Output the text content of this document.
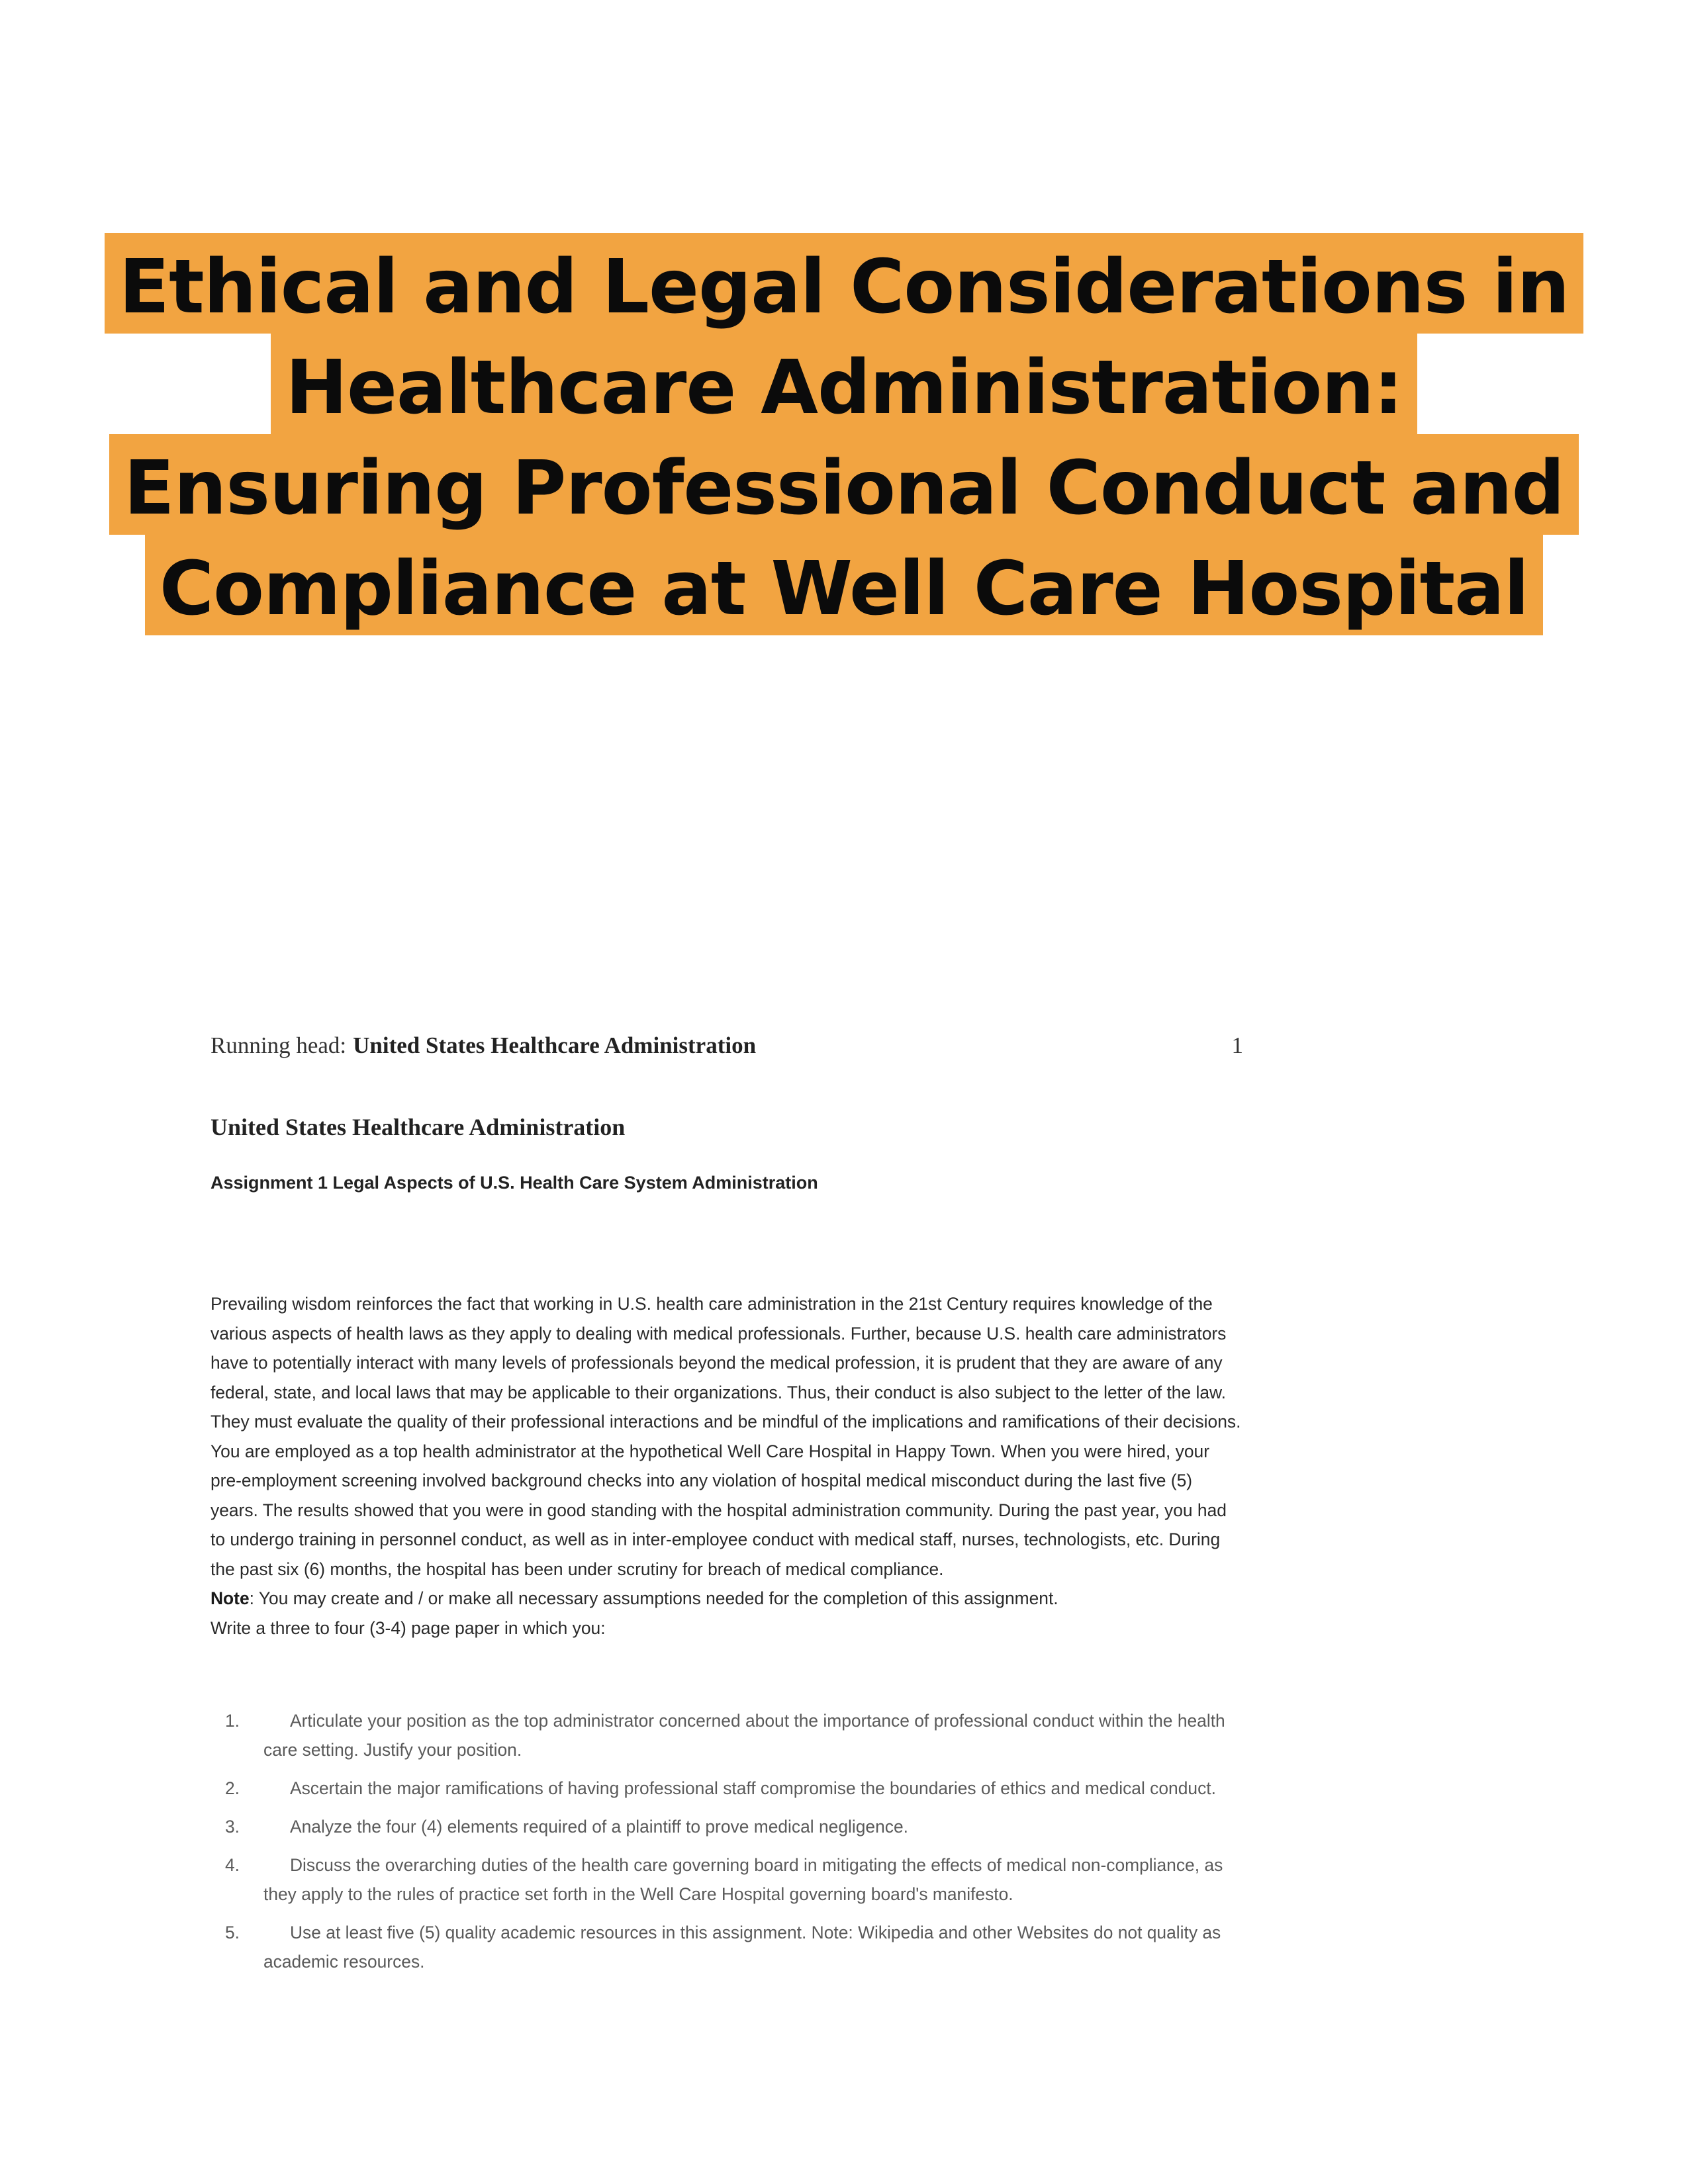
Ethical and Legal Considerations in
Healthcare Administration:
Ensuring Professional Conduct and
Compliance at Well Care Hospital
Running head: United States Healthcare Administration	1
United States Healthcare Administration
Assignment 1 Legal Aspects of U.S. Health Care System Administration

Prevailing wisdom reinforces the fact that working in U.S. health care administration in the 21st Century requires knowledge of the various aspects of health laws as they apply to dealing with medical professionals. Further, because U.S. health care administrators have to potentially interact with many levels of professionals beyond the medical profession, it is prudent that they are aware of any federal, state, and local laws that may be applicable to their organizations. Thus, their conduct is also subject to the letter of the law. They must evaluate the quality of their professional interactions and be mindful of the implications and ramifications of their decisions.

You are employed as a top health administrator at the hypothetical Well Care Hospital in Happy Town. When you were hired, your pre-employment screening involved background checks into any violation of hospital medical misconduct during the last five (5) years. The results showed that you were in good standing with the hospital administration community. During the past year, you had to undergo training in personnel conduct, as well as in inter-employee conduct with medical staff, nurses, technologists, etc. During the past six (6) months, the hospital has been under scrutiny for breach of medical compliance.

Note: You may create and / or make all necessary assumptions needed for the completion of this assignment.

Write a three to four (3-4) page paper in which you:

1.	Articulate your position as the top administrator concerned about the importance of professional conduct within the health care setting. Justify your position.
2.	Ascertain the major ramifications of having professional staff compromise the boundaries of ethics and medical conduct.
3.	Analyze the four (4) elements required of a plaintiff to prove medical negligence.
4.	Discuss the overarching duties of the health care governing board in mitigating the effects of medical non-compliance, as they apply to the rules of practice set forth in the Well Care Hospital governing board's manifesto.
5.	Use at least five (5) quality academic resources in this assignment. Note: Wikipedia and other Websites do not quality as academic resources.
